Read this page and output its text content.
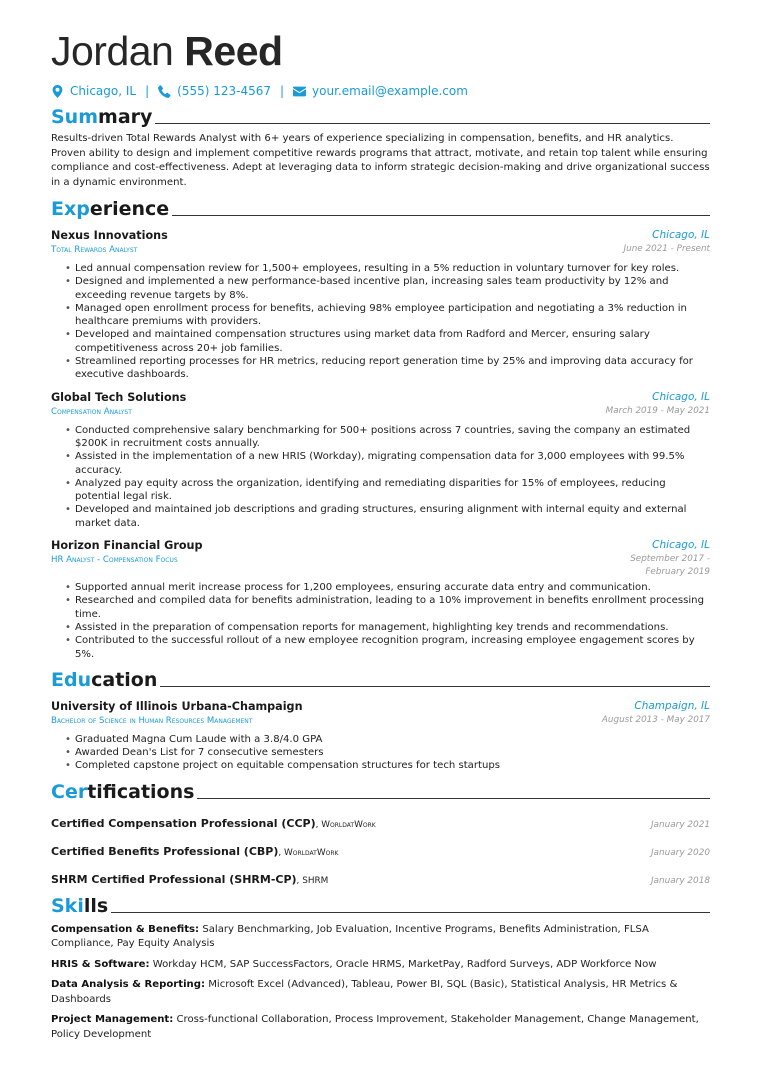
Jordan Reed
Chicago, IL | (555) 123-4567 | your.email@example.com
Summary
Results-driven Total Rewards Analyst with 6+ years of experience specializing in compensation, benefits, and HR analytics. Proven ability to design and implement competitive rewards programs that attract, motivate, and retain top talent while ensuring compliance and cost-effectiveness. Adept at leveraging data to inform strategic decision-making and drive organizational success in a dynamic environment.
Experience
Nexus Innovations
Total Rewards Analyst
Chicago, IL
June 2021 - Present
• Led annual compensation review for 1,500+ employees, resulting in a 5% reduction in voluntary turnover for key roles.
• Designed and implemented a new performance-based incentive plan, increasing sales team productivity by 12% and exceeding revenue targets by 8%.
• Managed open enrollment process for benefits, achieving 98% employee participation and negotiating a 3% reduction in healthcare premiums with providers.
• Developed and maintained compensation structures using market data from Radford and Mercer, ensuring salary competitiveness across 20+ job families.
• Streamlined reporting processes for HR metrics, reducing report generation time by 25% and improving data accuracy for executive dashboards.
Global Tech Solutions
Compensation Analyst
Chicago, IL
March 2019 - May 2021
• Conducted comprehensive salary benchmarking for 500+ positions across 7 countries, saving the company an estimated $200K in recruitment costs annually.
• Assisted in the implementation of a new HRIS (Workday), migrating compensation data for 3,000 employees with 99.5% accuracy.
• Analyzed pay equity across the organization, identifying and remediating disparities for 15% of employees, reducing potential legal risk.
• Developed and maintained job descriptions and grading structures, ensuring alignment with internal equity and external market data.
Horizon Financial Group
HR Analyst - Compensation Focus
Chicago, IL
September 2017 - February 2019
• Supported annual merit increase process for 1,200 employees, ensuring accurate data entry and communication.
• Researched and compiled data for benefits administration, leading to a 10% improvement in benefits enrollment processing time.
• Assisted in the preparation of compensation reports for management, highlighting key trends and recommendations.
• Contributed to the successful rollout of a new employee recognition program, increasing employee engagement scores by 5%.
Education
University of Illinois Urbana-Champaign
Bachelor of Science in Human Resources Management
Champaign, IL
August 2013 - May 2017
• Graduated Magna Cum Laude with a 3.8/4.0 GPA
• Awarded Dean's List for 7 consecutive semesters
• Completed capstone project on equitable compensation structures for tech startups
Certifications
Certified Compensation Professional (CCP), WorldatWork	January 2021
Certified Benefits Professional (CBP), WorldatWork	January 2020
SHRM Certified Professional (SHRM-CP), SHRM	January 2018
Skills
Compensation & Benefits: Salary Benchmarking, Job Evaluation, Incentive Programs, Benefits Administration, FLSA Compliance, Pay Equity Analysis
HRIS & Software: Workday HCM, SAP SuccessFactors, Oracle HRMS, MarketPay, Radford Surveys, ADP Workforce Now
Data Analysis & Reporting: Microsoft Excel (Advanced), Tableau, Power BI, SQL (Basic), Statistical Analysis, HR Metrics & Dashboards
Project Management: Cross-functional Collaboration, Process Improvement, Stakeholder Management, Change Management, Policy Development
